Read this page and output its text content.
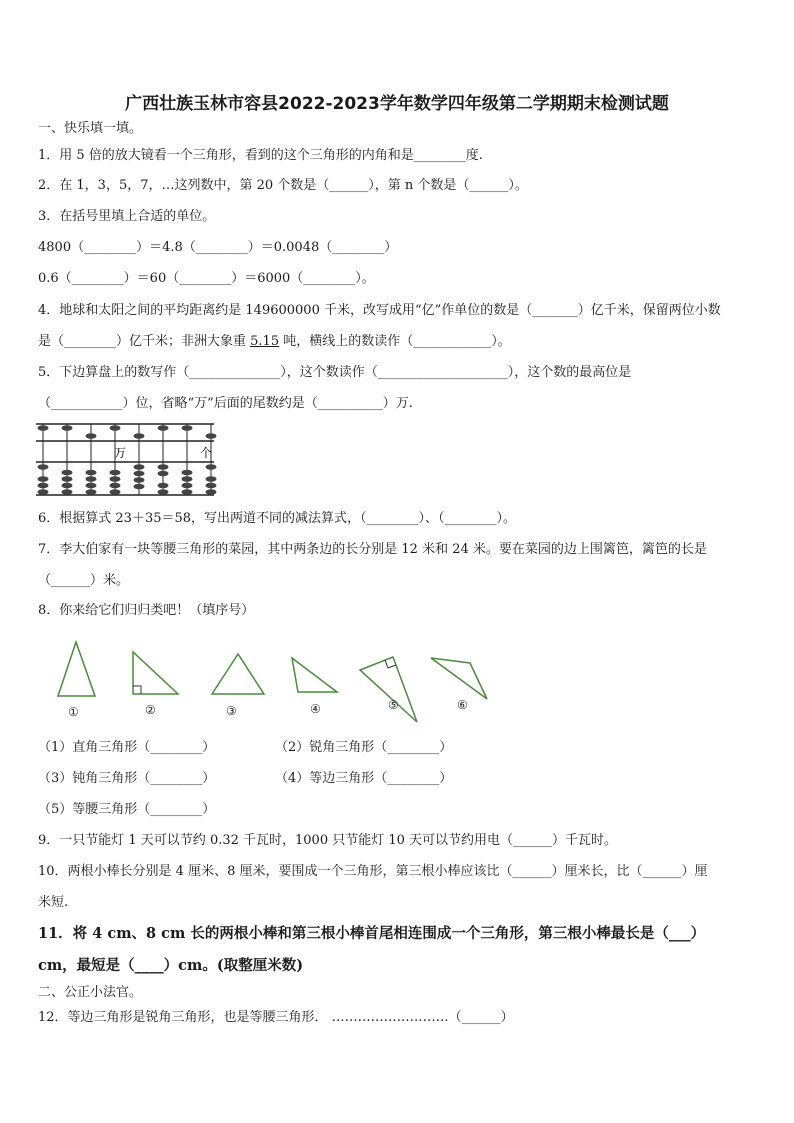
广西壮族玉林市容县2022-2023学年数学四年级第二学期期末检测试题
一、快乐填一填。
1．用 5 倍的放大镜看一个三角形，看到的这个三角形的内角和是________度.
2．在 1，3，5，7，…这列数中，第 20 个数是（______），第 n 个数是（______）。
3．在括号里填上合适的单位。
4800（________）＝4.8（________）＝0.0048（________）
0.6（________）＝60（________）＝6000（________）。
4．地球和太阳之间的平均距离约是 149600000 千米，改写成用“亿”作单位的数是（_______）亿千米，保留两位小数
是（________）亿千米；非洲大象重 5.15 吨，横线上的数读作（____________）。
5．下边算盘上的数写作（______________），这个数读作（____________________），这个数的最高位是
（___________）位，省略“万”后面的尾数约是（__________）万.
万	个
6．根据算式 23＋35＝58，写出两道不同的减法算式，（________）、（________）。
7．李大伯家有一块等腰三角形的菜园，其中两条边的长分别是 12 米和 24 米。要在菜园的边上围篱笆，篱笆的长是
（______）米。
8．你来给它们归归类吧！（填序号）
①	②	③	④	⑤	⑥
（1）直角三角形（________）	（2）锐角三角形（________）
（3）钝角三角形（________）	（4）等边三角形（________）
（5）等腰三角形（________）
9．一只节能灯 1 天可以节约 0.32 千瓦时，1000 只节能灯 10 天可以节约用电（______）千瓦时。
10．两根小棒长分别是 4 厘米、8 厘米，要围成一个三角形，第三根小棒应该比（______）厘米长，比（______）厘
米短.
11．将 4 cm、8 cm 长的两根小棒和第三根小棒首尾相连围成一个三角形，第三根小棒最长是（___）
cm，最短是（____）cm。(取整厘米数)
二、公正小法官。
12．等边三角形是锐角三角形，也是等腰三角形． ………………………（______）
